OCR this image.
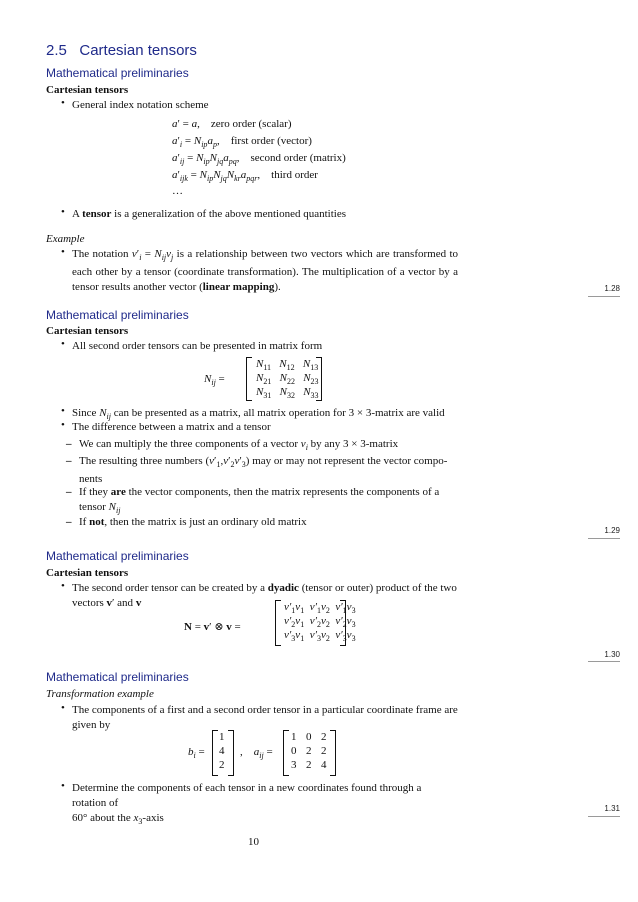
2.5 Cartesian tensors
Mathematical preliminaries
Cartesian tensors
• General index notation scheme
a′ = a,    zero order (scalar)
$a'_i = N_{ip}a_p$,    first order (vector)
$a'_{ij} = N_{ip}N_{jq}a_{pq}$,    second order (matrix)
$a'_{ijk} = N_{ip}N_{jq}N_{kr}a_{pqr}$,    third order
…
• A tensor is a generalization of the above mentioned quantities
Example
• The notation $v'_i = N_{ij}v_j$ is a relationship between two vectors which are transformed to
each other by a tensor (coordinate transformation). The multiplication of a vector by a
tensor results another vector (linear mapping).	1.28
Mathematical preliminaries
Cartesian tensors
• All second order tensors can be presented in matrix form
$N_{ij}$ =
$N_{11}$   $N_{12}$   $N_{13}$
$N_{21}$   $N_{22}$   $N_{23}$
$N_{31}$   $N_{32}$   $N_{33}$
• Since $N_{ij}$ can be presented as a matrix, all matrix operation for 3 × 3-matrix are valid
• The difference between a matrix and a tensor
– We can multiply the three components of a vector $v_i$ by any 3 × 3-matrix
– The resulting three numbers $(v'_1,v'_2v'_3)$ may or may not represent the vector compo-
nents
– If they are the vector components, then the matrix represents the components of a
tensor $N_{ij}$
– If not, then the matrix is just an ordinary old matrix
1.29
Mathematical preliminaries
Cartesian tensors
• The second order tensor can be created by a dyadic (tensor or outer) product of the two
vectors v′ and v
N = v′ ⊗ v =
$v'_1v_1$  $v'_1v_2$  $v'_1v_3$
$v'_2v_1$  $v'_2v_2$  $v'_2v_3$
$v'_3v_1$  $v'_3v_2$  $v'_3v_3$
1.30
Mathematical preliminaries
Transformation example
• The components of a first and a second order tensor in a particular coordinate frame are
given by
$b_i$ =
1
4
2
,    $a_{ij}$ =
1 0 2
0 2 2
3 2 4
• Determine the components of each tensor in a new coordinates found through a rotation of
60° about the $x_3$-axis
1.31
10
